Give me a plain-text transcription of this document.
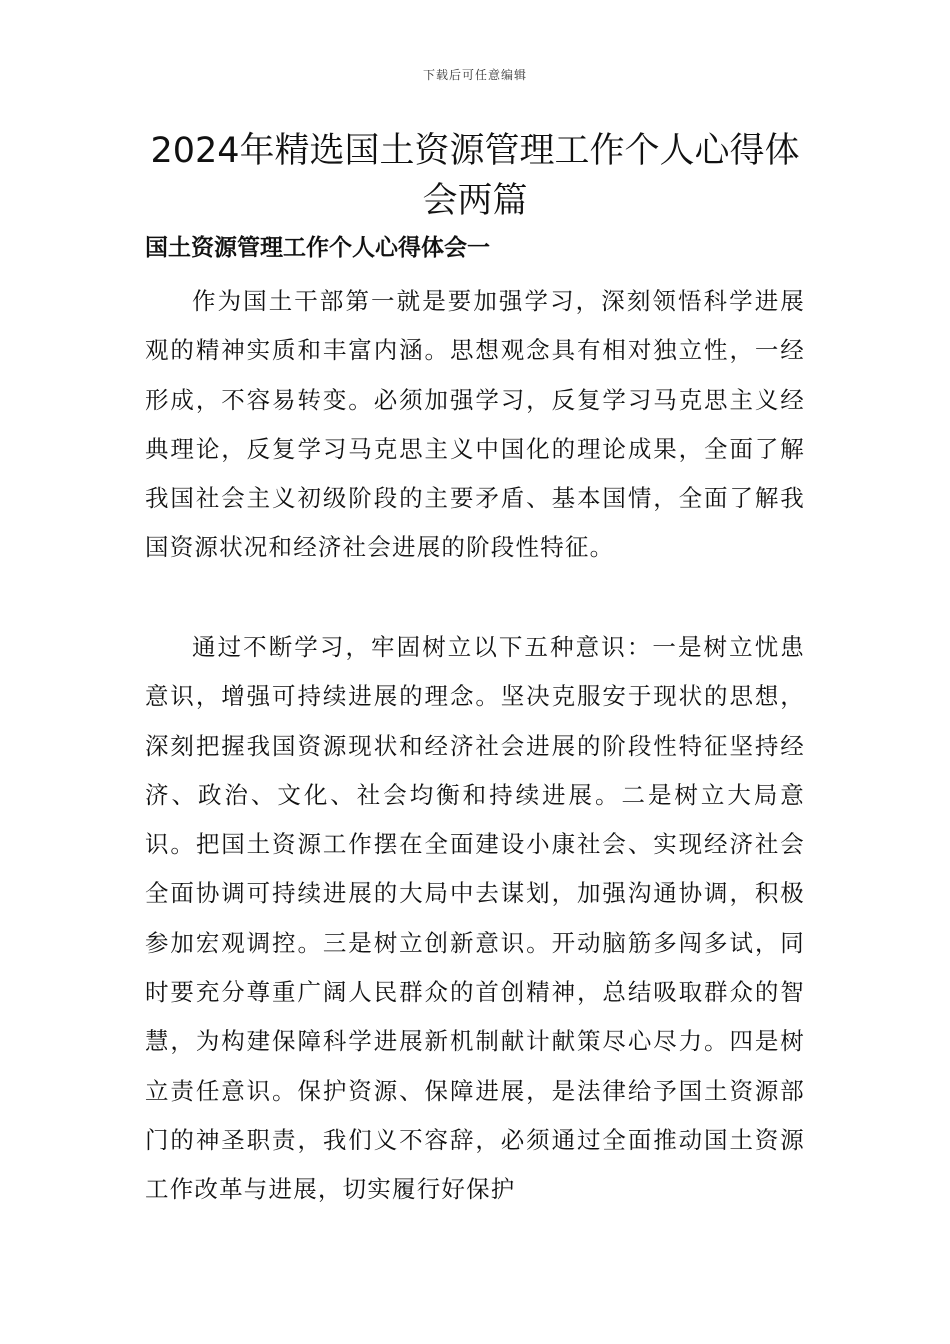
下载后可任意编辑
2024年精选国土资源管理工作个人心得体会两篇
国土资源管理工作个人心得体会一

作为国土干部第一就是要加强学习，深刻领悟科学进展观的精神实质和丰富内涵。思想观念具有相对独立性，一经形成，不容易转变。必须加强学习，反复学习马克思主义经典理论，反复学习马克思主义中国化的理论成果，全面了解我国社会主义初级阶段的主要矛盾、基本国情，全面了解我国资源状况和经济社会进展的阶段性特征。

通过不断学习，牢固树立以下五种意识：一是树立忧患意识，增强可持续进展的理念。坚决克服安于现状的思想，深刻把握我国资源现状和经济社会进展的阶段性特征坚持经济、政治、文化、社会均衡和持续进展。二是树立大局意识。把国土资源工作摆在全面建设小康社会、实现经济社会全面协调可持续进展的大局中去谋划，加强沟通协调，积极参加宏观调控。三是树立创新意识。开动脑筋多闯多试，同时要充分尊重广阔人民群众的首创精神，总结吸取群众的智慧，为构建保障科学进展新机制献计献策尽心尽力。四是树立责任意识。保护资源、保障进展，是法律给予国土资源部门的神圣职责，我们义不容辞，必须通过全面推动国土资源工作改革与进展，切实履行好保护
